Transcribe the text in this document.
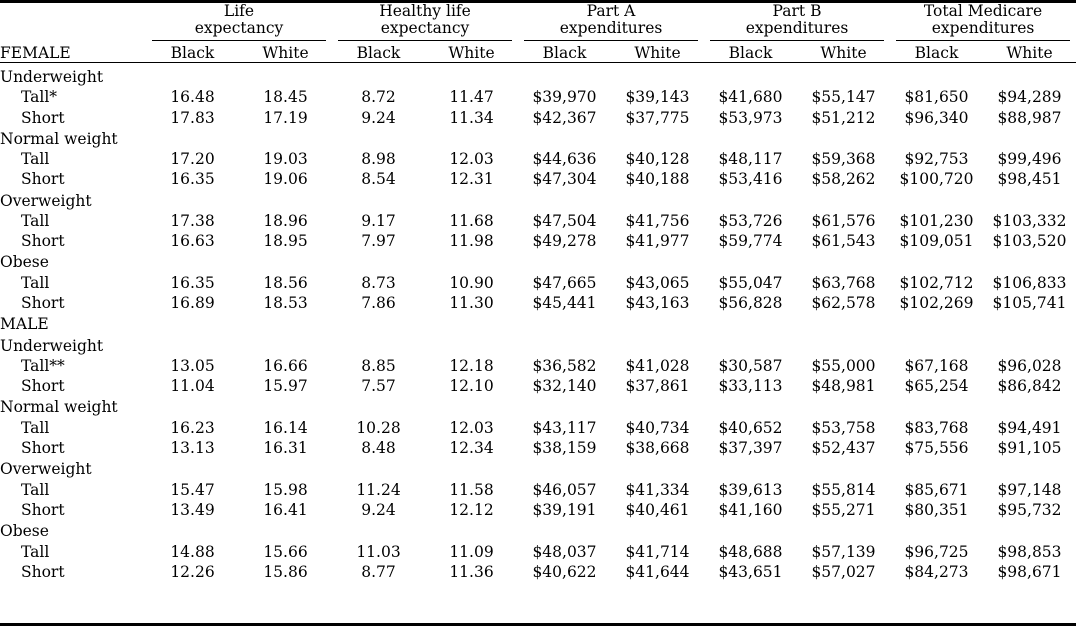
	Life
expectancy		Healthy life
expectancy		Part A
expenditures		Part B
expenditures		Total Medicare
expenditures	

FEMALE	Black	White	Black	White	Black	White	Black	White	Black	White

Underweight										
Tall*	16.48	18.45	8.72	11.47	$39,970	$39,143	$41,680	$55,147	$81,650	$94,289
Short	17.83	17.19	9.24	11.34	$42,367	$37,775	$53,973	$51,212	$96,340	$88,987
Normal weight										
Tall	17.20	19.03	8.98	12.03	$44,636	$40,128	$48,117	$59,368	$92,753	$99,496
Short	16.35	19.06	8.54	12.31	$47,304	$40,188	$53,416	$58,262	$100,720	$98,451
Overweight										
Tall	17.38	18.96	9.17	11.68	$47,504	$41,756	$53,726	$61,576	$101,230	$103,332
Short	16.63	18.95	7.97	11.98	$49,278	$41,977	$59,774	$61,543	$109,051	$103,520
Obese										
Tall	16.35	18.56	8.73	10.90	$47,665	$43,065	$55,047	$63,768	$102,712	$106,833
Short	16.89	18.53	7.86	11.30	$45,441	$43,163	$56,828	$62,578	$102,269	$105,741
MALE										
Underweight										
Tall**	13.05	16.66	8.85	12.18	$36,582	$41,028	$30,587	$55,000	$67,168	$96,028
Short	11.04	15.97	7.57	12.10	$32,140	$37,861	$33,113	$48,981	$65,254	$86,842
Normal weight										
Tall	16.23	16.14	10.28	12.03	$43,117	$40,734	$40,652	$53,758	$83,768	$94,491
Short	13.13	16.31	8.48	12.34	$38,159	$38,668	$37,397	$52,437	$75,556	$91,105
Overweight										
Tall	15.47	15.98	11.24	11.58	$46,057	$41,334	$39,613	$55,814	$85,671	$97,148
Short	13.49	16.41	9.24	12.12	$39,191	$40,461	$41,160	$55,271	$80,351	$95,732
Obese										
Tall	14.88	15.66	11.03	11.09	$48,037	$41,714	$48,688	$57,139	$96,725	$98,853
Short	12.26	15.86	8.77	11.36	$40,622	$41,644	$43,651	$57,027	$84,273	$98,671
